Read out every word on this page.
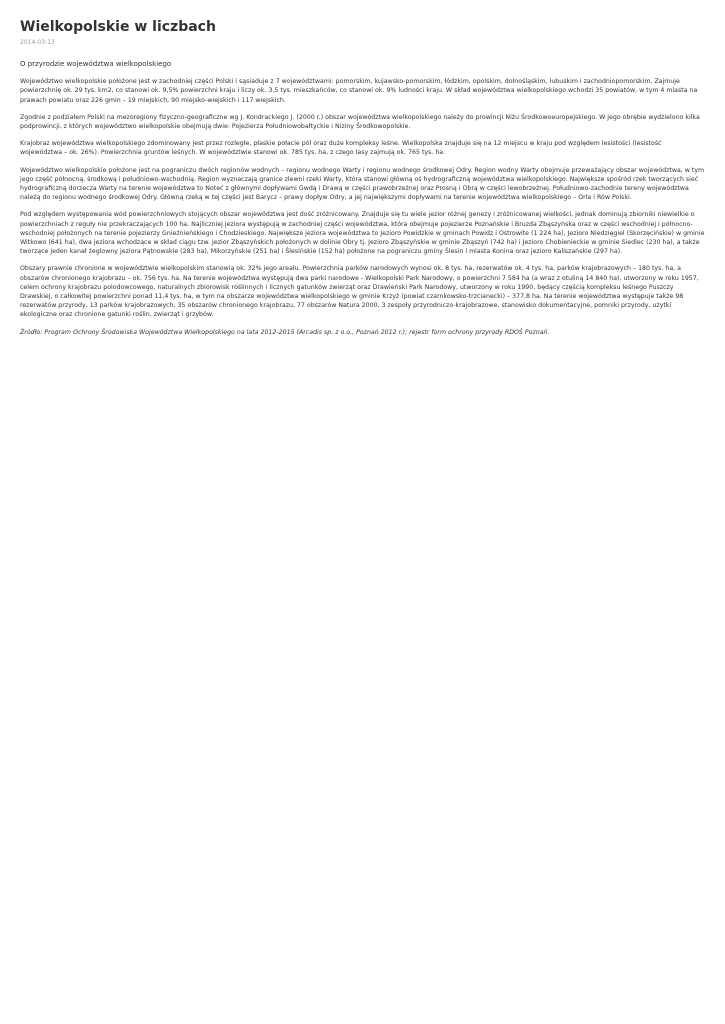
Wielkopolskie w liczbach
2014-03-13
O przyrodzie województwa wielkopolskiego

Województwo wielkopolskie położone jest w zachodniej części Polski i sąsiaduje z 7 województwami: pomorskim, kujawsko-pomorskim, łódzkim, opolskim, dolnośląskim, lubuskim i zachodniopomorskim. Zajmuje powierzchnię ok. 29 tys. km2, co stanowi ok. 9,5% powierzchni kraju i liczy ok. 3,5 tys. mieszkańców, co stanowi ok. 9% ludności kraju. W skład województwa wielkopolskiego wchodzi 35 powiatów, w tym 4 miasta na prawach powiatu oraz 226 gmin – 19 miejskich, 90 miejsko-wiejskich i 117 wiejskich.

Zgodnie z podziałem Polski na mezoregiony fizyczno-geograficzne wg J. Kondrackiego J. (2000 r.) obszar województwa wielkopolskiego należy do prowincji Niżu Środkowoeuropejskiego. W jego obrębie wydzielono kilka podprowincji, z których województwo wielkopolskie obejmują dwie: Pojezierza Południowobałtyckie i Niziny Środkowopolskie.

Krajobraz województwa wielkopolskiego zdominowany jest przez rozległe, płaskie połacie pól oraz duże kompleksy leśne. Wielkopolska znajduje się na 12 miejscu w kraju pod względem lesistości (lesistość województwa – ok. 26%). Powierzchnia gruntów leśnych. W województwie stanowi ok. 785 tys. ha, z czego lasy zajmują ok. 765 tys. ha.

Województwo wielkopolskie położone jest na pograniczu dwóch regionów wodnych – regionu wodnego Warty i regionu wodnego środkowej Odry. Region wodny Warty obejmuje przeważający obszar województwa, w tym jego część północną, środkową i południowo-wschodnią. Region wyznaczają granice zlewni rzeki Warty, która stanowi główną oś hydrograficzną województwa wielkopolskiego. Największe spośród rzek tworzących sieć hydrograficzną dorzecza Warty na terenie województwa to Noteć z głównymi dopływami Gwdą i Drawą w części prawobrzeżnej oraz Prosną i Obrą w części lewobrzeżnej. Południowo-zachodnie tereny województwa należą do regionu wodnego środkowej Odry. Główną rzeką w tej części jest Barycz – prawy dopływ Odry, a jej największymi dopływami na terenie województwa wielkopolskiego – Orla i Rów Polski.

Pod względem występowania wód powierzchniowych stojących obszar województwa jest dość zróżnicowany. Znajduje się tu wiele jezior różnej genezy i zróżnicowanej wielkości, jednak dominują zbiorniki niewielkie o powierzchniach z reguły nie przekraczających 100 ha. Najliczniej jeziora występują w zachodniej części województwa, która obejmuje pojezierze Poznańskie i Bruzda Zbąszyńska oraz w części wschodniej i północno-wschodniej położonych na terenie pojezierzy Gnieźnieńskiego i Chodzieskiego. Największe jeziora województwa to Jezioro Powidzkie w gminach Powidz i Ostrowite (1 224 ha), Jezioro Niedzięgiel (Skorzęcińskie) w gminie Witkowo (641 ha), dwa jeziora wchodzące w skład ciągu tzw. Jezior Zbąszyńskich położonych w dolinie Obry tj. Jezioro Zbąszyńskie w gminie Zbąszyń (742 ha) i Jezioro Chobienieckie w gminie Siedlec (230 ha), a także tworzące jeden kanał żeglowny jeziora Pątnowskie (283 ha), Mikorzyńskie (251 ha) i Ślesińskie (152 ha) położone na pograniczu gminy Ślesin i miasta Konina oraz jezioro Kaliszańskie (297 ha).

Obszary prawnie chronione w województwie wielkopolskim stanowią ok. 32% jego areału. Powierzchnia parków narodowych wynosi ok. 8 tys. ha, rezerwatów ok. 4 tys. ha, parków krajobrazowych – 180 tys. ha, a obszarów chronionego krajobrazu – ok. 756 tys. ha. Na terenie województwa występują dwa parki narodowe - Wielkopolski Park Narodowy, o powierzchni 7 584 ha (a wraz z otuliną 14 840 ha), utworzony w roku 1957, celem ochrony krajobrazu polodowcowego, naturalnych zbiorowisk roślinnych i licznych gatunków zwierząt oraz Drawieński Park Narodowy, utworzony w roku 1990, będący częścią kompleksu leśnego Puszczy Drawskiej, o całkowitej powierzchni ponad 11,4 tys. ha, w tym na obszarze województwa wielkopolskiego w gminie Krzyż (powiat czarnkowsko-trzcianecki) – 377,8 ha. Na terenie województwa występuje także 98 rezerwatów przyrody, 13 parków krajobrazowych, 35 obszarów chronionego krajobrazu, 77 obszarów Natura 2000, 3 zespoły przyrodniczo-krajobrazowe, stanowisko dokumentacyjne, pomniki przyrody, użytki ekologiczne oraz chronione gatunki roślin, zwierząt i grzybów.

Źródło: Program Ochrony Środowiska Województwa Wielkopolskiego na lata 2012-2015 (Arcadis sp. z o.o., Poznań 2012 r.); rejestr form ochrony przyrody RDOŚ Poznań.
